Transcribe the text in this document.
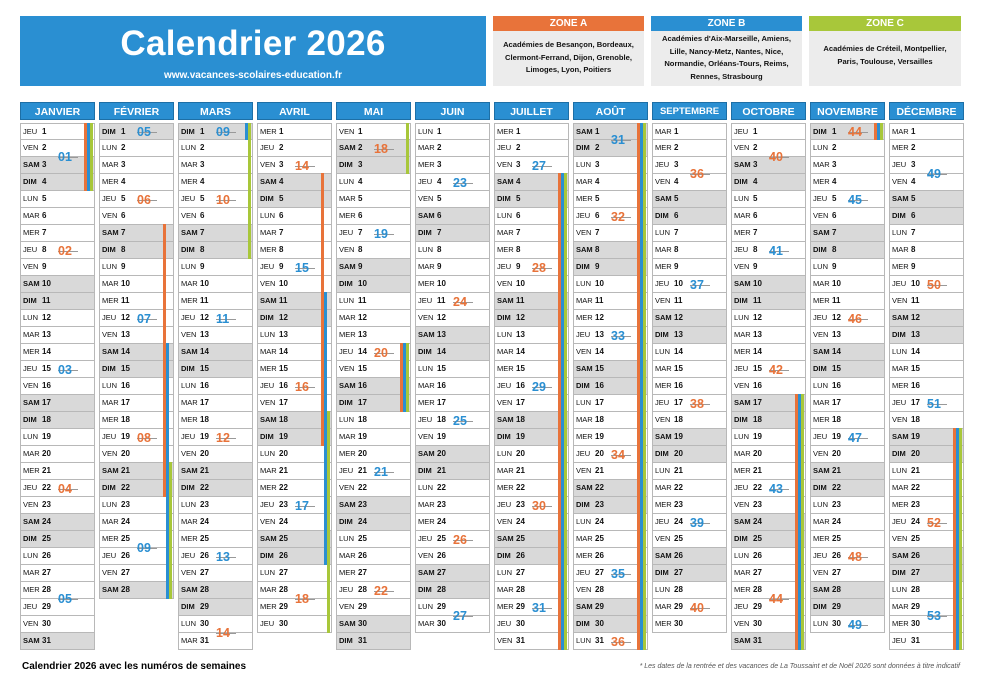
Calendrier 2026
www.vacances-scolaires-education.fr
ZONE A
Académies de Besançon, Bordeaux, Clermont-Ferrand, Dijon, Grenoble, Limoges, Lyon, Poitiers
ZONE B
Académies d'Aix-Marseille, Amiens, Lille, Nancy-Metz, Nantes, Nice, Normandie, Orléans-Tours, Reims, Rennes, Strasbourg
ZONE C
Académies de Créteil, Montpellier, Paris, Toulouse, Versailles
JANVIER
JEU 1
VEN 2
SAM 3
DIM 4
LUN 5
MAR 6
MER 7
JEU 8
VEN 9
SAM 10
DIM 11
LUN 12
MAR 13
MER 14
JEU 15
VEN 16
SAM 17
DIM 18
LUN 19
MAR 20
MER 21
JEU 22
VEN 23
SAM 24
DIM 25
LUN 26
MAR 27
MER 28
JEU 29
VEN 30
SAM 31
01
02
03
04
05
FÉVRIER
DIM 1
LUN 2
MAR 3
MER 4
JEU 5
VEN 6
SAM 7
DIM 8
LUN 9
MAR 10
MER 11
JEU 12
VEN 13
SAM 14
DIM 15
LUN 16
MAR 17
MER 18
JEU 19
VEN 20
SAM 21
DIM 22
LUN 23
MAR 24
MER 25
JEU 26
VEN 27
SAM 28
05
06
07
08
09
MARS
DIM 1
LUN 2
MAR 3
MER 4
JEU 5
VEN 6
SAM 7
DIM 8
LUN 9
MAR 10
MER 11
JEU 12
VEN 13
SAM 14
DIM 15
LUN 16
MAR 17
MER 18
JEU 19
VEN 20
SAM 21
DIM 22
LUN 23
MAR 24
MER 25
JEU 26
VEN 27
SAM 28
DIM 29
LUN 30
MAR 31
09
10
11
12
13
14
AVRIL
MER 1
JEU 2
VEN 3
SAM 4
DIM 5
LUN 6
MAR 7
MER 8
JEU 9
VEN 10
SAM 11
DIM 12
LUN 13
MAR 14
MER 15
JEU 16
VEN 17
SAM 18
DIM 19
LUN 20
MAR 21
MER 22
JEU 23
VEN 24
SAM 25
DIM 26
LUN 27
MAR 28
MER 29
JEU 30
14
15
16
17
18
MAI
VEN 1
SAM 2
DIM 3
LUN 4
MAR 5
MER 6
JEU 7
VEN 8
SAM 9
DIM 10
LUN 11
MAR 12
MER 13
JEU 14
VEN 15
SAM 16
DIM 17
LUN 18
MAR 19
MER 20
JEU 21
VEN 22
SAM 23
DIM 24
LUN 25
MAR 26
MER 27
JEU 28
VEN 29
SAM 30
DIM 31
18
19
20
21
22
JUIN
LUN 1
MAR 2
MER 3
JEU 4
VEN 5
SAM 6
DIM 7
LUN 8
MAR 9
MER 10
JEU 11
VEN 12
SAM 13
DIM 14
LUN 15
MAR 16
MER 17
JEU 18
VEN 19
SAM 20
DIM 21
LUN 22
MAR 23
MER 24
JEU 25
VEN 26
SAM 27
DIM 28
LUN 29
MAR 30
23
24
25
26
27
JUILLET
MER 1
JEU 2
VEN 3
SAM 4
DIM 5
LUN 6
MAR 7
MER 8
JEU 9
VEN 10
SAM 11
DIM 12
LUN 13
MAR 14
MER 15
JEU 16
VEN 17
SAM 18
DIM 19
LUN 20
MAR 21
MER 22
JEU 23
VEN 24
SAM 25
DIM 26
LUN 27
MAR 28
MER 29
JEU 30
VEN 31
27
28
29
30
31
AOÛT
SAM 1
DIM 2
LUN 3
MAR 4
MER 5
JEU 6
VEN 7
SAM 8
DIM 9
LUN 10
MAR 11
MER 12
JEU 13
VEN 14
SAM 15
DIM 16
LUN 17
MAR 18
MER 19
JEU 20
VEN 21
SAM 22
DIM 23
LUN 24
MAR 25
MER 26
JEU 27
VEN 28
SAM 29
DIM 30
LUN 31
31
32
33
34
35
36
SEPTEMBRE
MAR 1
MER 2
JEU 3
VEN 4
SAM 5
DIM 6
LUN 7
MAR 8
MER 9
JEU 10
VEN 11
SAM 12
DIM 13
LUN 14
MAR 15
MER 16
JEU 17
VEN 18
SAM 19
DIM 20
LUN 21
MAR 22
MER 23
JEU 24
VEN 25
SAM 26
DIM 27
LUN 28
MAR 29
MER 30
36
37
38
39
40
OCTOBRE
JEU 1
VEN 2
SAM 3
DIM 4
LUN 5
MAR 6
MER 7
JEU 8
VEN 9
SAM 10
DIM 11
LUN 12
MAR 13
MER 14
JEU 15
VEN 16
SAM 17
DIM 18
LUN 19
MAR 20
MER 21
JEU 22
VEN 23
SAM 24
DIM 25
LUN 26
MAR 27
MER 28
JEU 29
VEN 30
SAM 31
40
41
42
43
44
NOVEMBRE
DIM 1
LUN 2
MAR 3
MER 4
JEU 5
VEN 6
SAM 7
DIM 8
LUN 9
MAR 10
MER 11
JEU 12
VEN 13
SAM 14
DIM 15
LUN 16
MAR 17
MER 18
JEU 19
VEN 20
SAM 21
DIM 22
LUN 23
MAR 24
MER 25
JEU 26
VEN 27
SAM 28
DIM 29
LUN 30
44
45
46
47
48
49
DÉCEMBRE
MAR 1
MER 2
JEU 3
VEN 4
SAM 5
DIM 6
LUN 7
MAR 8
MER 9
JEU 10
VEN 11
SAM 12
DIM 13
LUN 14
MAR 15
MER 16
JEU 17
VEN 18
SAM 19
DIM 20
LUN 21
MAR 22
MER 23
JEU 24
VEN 25
SAM 26
DIM 27
LUN 28
MAR 29
MER 30
JEU 31
49
50
51
52
53
Calendrier 2026 avec les numéros de semaines	* Les dates de la rentrée et des vacances de La Toussaint et de Noël 2026 sont données à titre indicatif
